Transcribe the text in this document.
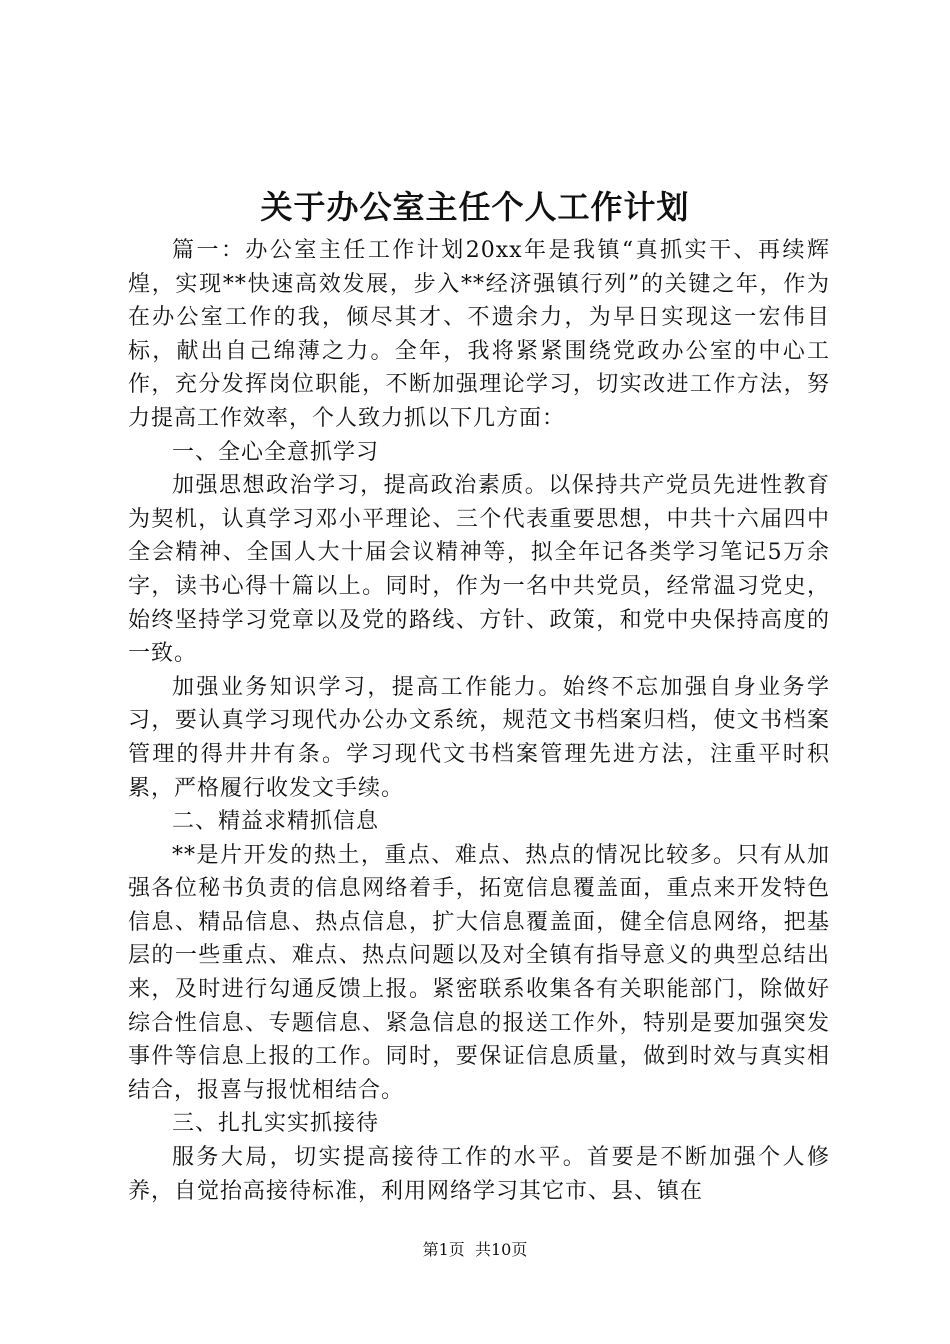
关于办公室主任个人工作计划

篇一：办公室主任工作计划20xx年是我镇“真抓实干、再续辉煌，实现**快速高效发展，步入**经济强镇行列”的关键之年，作为在办公室工作的我，倾尽其才、不遗余力，为早日实现这一宏伟目标，献出自己绵薄之力。全年，我将紧紧围绕党政办公室的中心工作，充分发挥岗位职能，不断加强理论学习，切实改进工作方法，努力提高工作效率，个人致力抓以下几方面：

一、全心全意抓学习

加强思想政治学习，提高政治素质。以保持共产党员先进性教育为契机，认真学习邓小平理论、三个代表重要思想，中共十六届四中全会精神、全国人大十届会议精神等，拟全年记各类学习笔记5万余字，读书心得十篇以上。同时，作为一名中共党员，经常温习党史，始终坚持学习党章以及党的路线、方针、政策，和党中央保持高度的一致。

加强业务知识学习，提高工作能力。始终不忘加强自身业务学习，要认真学习现代办公办文系统，规范文书档案归档，使文书档案管理的得井井有条。学习现代文书档案管理先进方法，注重平时积累，严格履行收发文手续。

二、精益求精抓信息

**是片开发的热土，重点、难点、热点的情况比较多。只有从加强各位秘书负责的信息网络着手，拓宽信息覆盖面，重点来开发特色信息、精品信息、热点信息，扩大信息覆盖面，健全信息网络，把基层的一些重点、难点、热点问题以及对全镇有指导意义的典型总结出来，及时进行勾通反馈上报。紧密联系收集各有关职能部门，除做好综合性信息、专题信息、紧急信息的报送工作外，特别是要加强突发事件等信息上报的工作。同时，要保证信息质量，做到时效与真实相结合，报喜与报忧相结合。

三、扎扎实实抓接待

服务大局，切实提高接待工作的水平。首要是不断加强个人修养，自觉抬高接待标准，利用网络学习其它市、县、镇在

第1页 共10页
